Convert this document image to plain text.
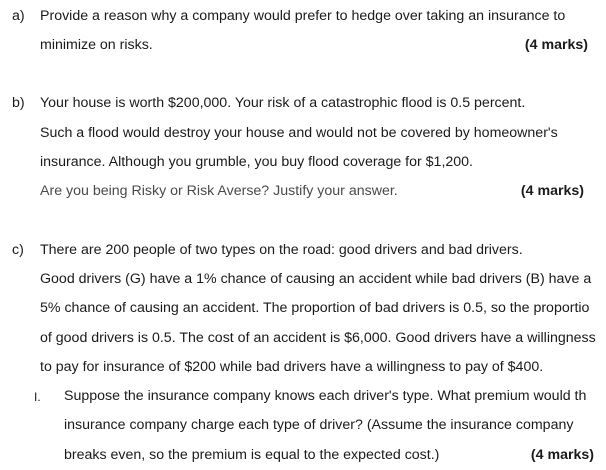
a) Provide a reason why a company would prefer to hedge over taking an insurance to
minimize on risks.	(4 marks)
b) Your house is worth $200,000. Your risk of a catastrophic flood is 0.5 percent.
Such a flood would destroy your house and would not be covered by homeowner's
insurance. Although you grumble, you buy flood coverage for $1,200.
Are you being Risky or Risk Averse? Justify your answer.	(4 marks)
c) There are 200 people of two types on the road: good drivers and bad drivers.
Good drivers (G) have a 1% chance of causing an accident while bad drivers (B) have a
5% chance of causing an accident. The proportion of bad drivers is 0.5, so the proportio
of good drivers is 0.5. The cost of an accident is $6,000. Good drivers have a willingness
to pay for insurance of $200 while bad drivers have a willingness to pay of $400.
I. Suppose the insurance company knows each driver's type. What premium would th
insurance company charge each type of driver? (Assume the insurance company
breaks even, so the premium is equal to the expected cost.)	(4 marks)
